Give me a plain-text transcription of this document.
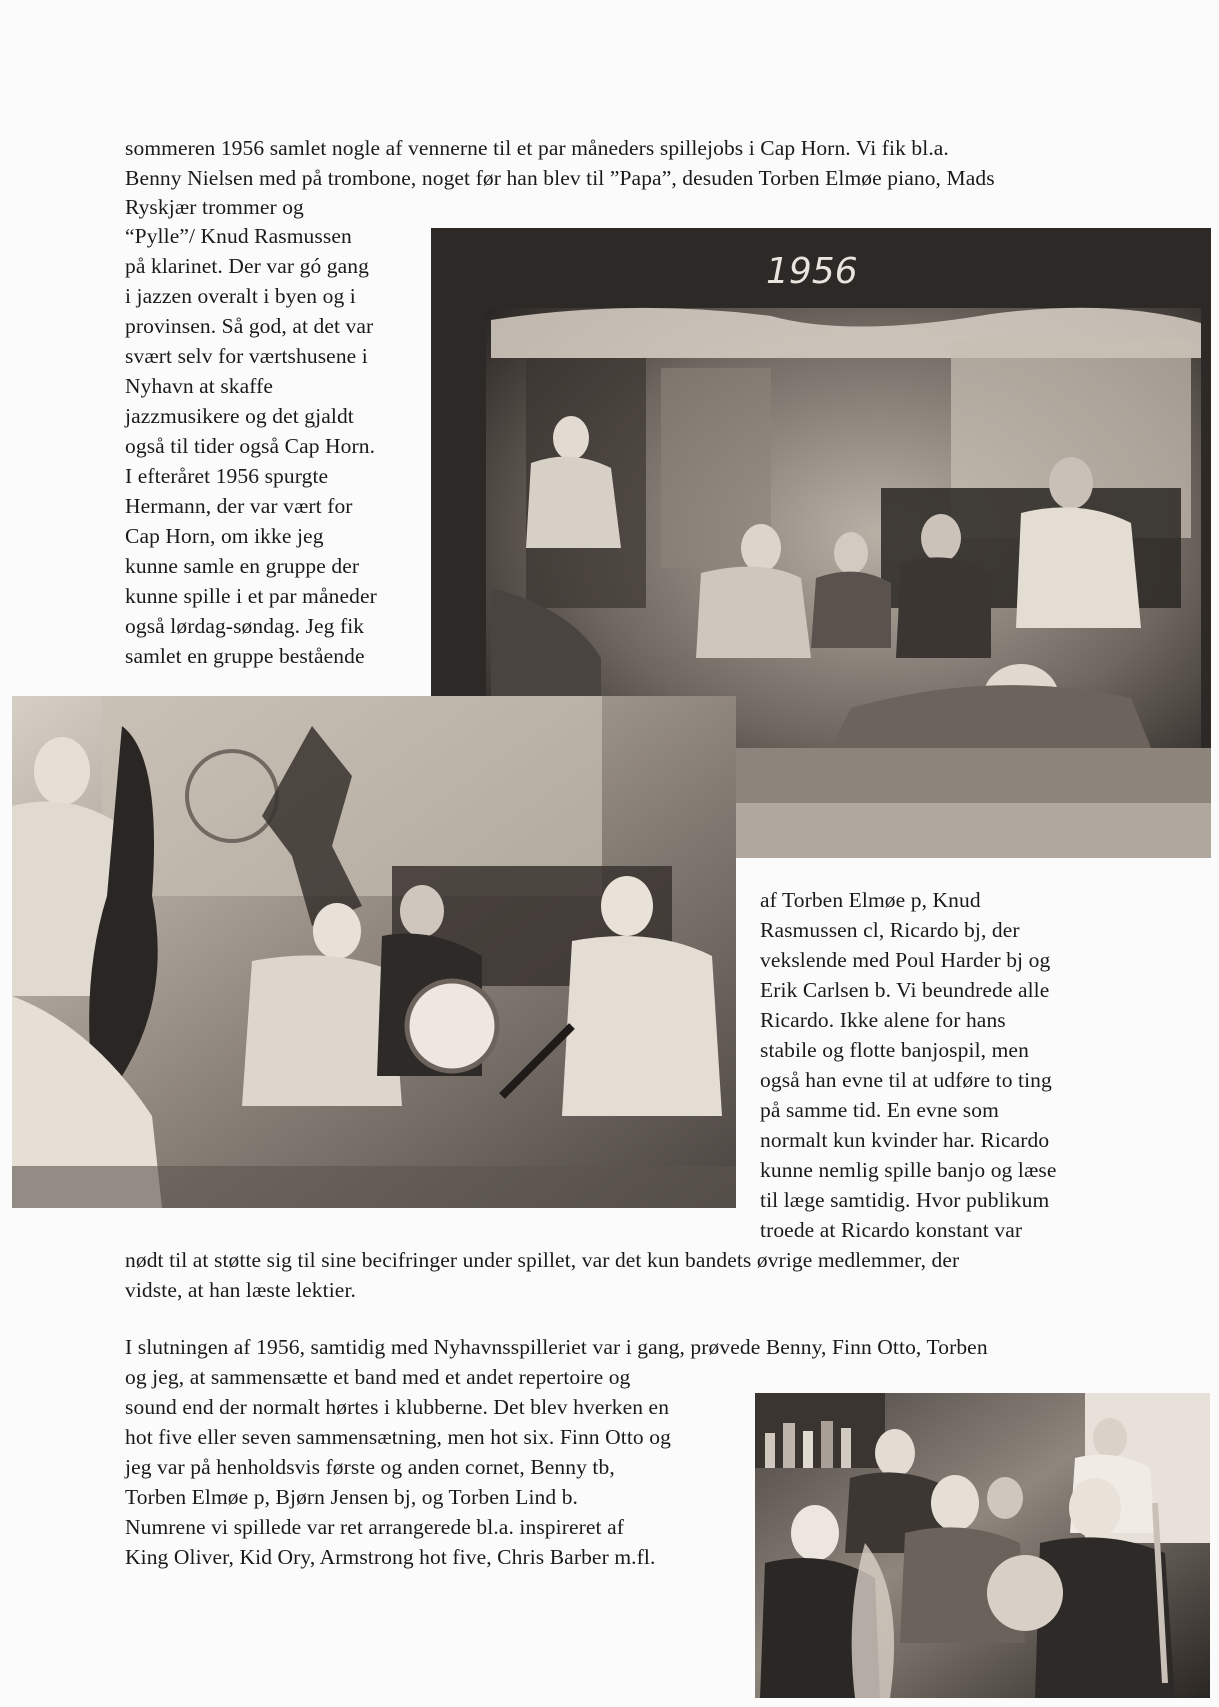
sommeren 1956 samlet nogle af vennerne til et par måneders spillejobs i Cap Horn. Vi fik bl.a.
Benny Nielsen med på trombone, noget før han blev til ”Papa”, desuden Torben Elmøe piano, Mads
Ryskjær trommer og
“Pylle”/ Knud Rasmussen
på klarinet. Der var gó gang
i jazzen overalt i byen og i
provinsen. Så god, at det var
svært selv for værtshusene i
Nyhavn at skaffe
jazzmusikere og det gjaldt
også til tider også Cap Horn.
I efteråret 1956 spurgte
Hermann, der var vært for
Cap Horn, om ikke jeg
kunne samle en gruppe der
kunne spille i et par måneder
også lørdag-søndag. Jeg fik
samlet en gruppe bestående
1956
af Torben Elmøe p, Knud
Rasmussen cl, Ricardo bj, der
vekslende med Poul Harder bj og
Erik Carlsen b. Vi beundrede alle
Ricardo. Ikke alene for hans
stabile og flotte banjospil, men
også han evne til at udføre to ting
på samme tid. En evne som
normalt kun kvinder har. Ricardo
kunne nemlig spille banjo og læse
til læge samtidig. Hvor publikum
troede at Ricardo konstant var
nødt til at støtte sig til sine becifringer under spillet, var det kun bandets øvrige medlemmer, der
vidste, at han læste lektier.
I slutningen af 1956, samtidig med Nyhavnsspilleriet var i gang, prøvede Benny, Finn Otto, Torben
og jeg, at sammensætte et band med et andet repertoire og
sound end der normalt hørtes i klubberne. Det blev hverken en
hot five eller seven sammensætning, men hot six. Finn Otto og
jeg var på henholdsvis første og anden cornet, Benny tb,
Torben Elmøe p, Bjørn Jensen bj, og Torben Lind b.
Numrene vi spillede var ret arrangerede bl.a. inspireret af
King Oliver, Kid Ory, Armstrong hot five, Chris Barber m.fl.
